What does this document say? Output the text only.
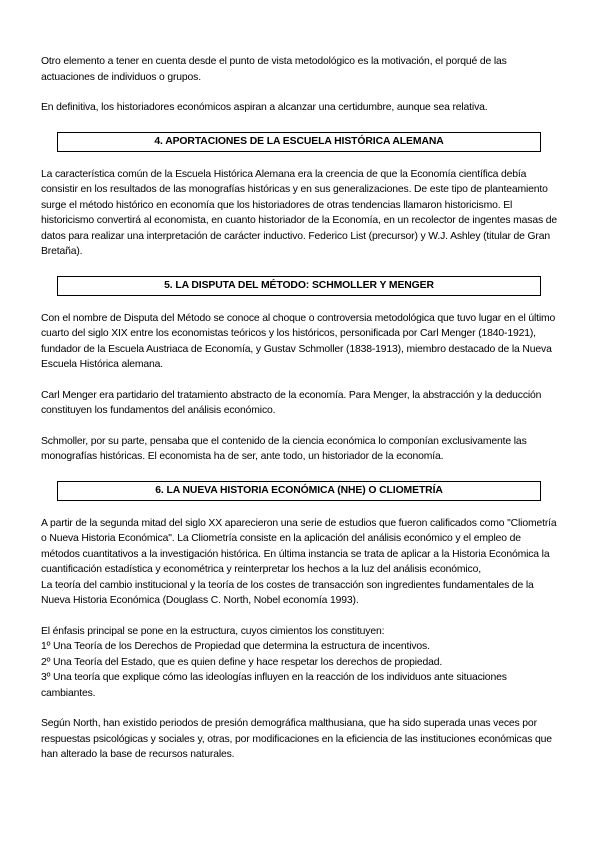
Otro elemento a tener en cuenta desde el punto de vista metodológico es la motivación, el porqué de las actuaciones de individuos o grupos.

En definitiva, los historiadores económicos aspiran a alcanzar una certidumbre, aunque sea relativa.

4. APORTACIONES DE LA ESCUELA HISTÓRICA ALEMANA

La característica común de la Escuela Histórica Alemana era la creencia de que la Economía científica debía consistir en los resultados de las monografías históricas y en sus generalizaciones. De este tipo de planteamiento surge el método histórico en economía que los historiadores de otras tendencias llamaron historicismo. El historicismo convertirá al economista, en cuanto historiador de la Economía, en un recolector de ingentes masas de datos para realizar una interpretación de carácter inductivo. Federico List (precursor) y W.J. Ashley (titular de Gran Bretaña).

5. LA DISPUTA DEL MÉTODO: SCHMOLLER Y MENGER

Con el nombre de Disputa del Método se conoce al choque o controversia metodológica que tuvo lugar en el último cuarto del siglo XIX entre los economistas teóricos y los históricos, personificada por Carl Menger (1840-1921), fundador de la Escuela Austriaca de Economía, y Gustav Schmoller (1838-1913), miembro destacado de la Nueva Escuela Histórica alemana.

Carl Menger era partidario del tratamiento abstracto de la economía. Para Menger, la abstracción y la deducción constituyen los fundamentos del análisis económico.

Schmoller, por su parte, pensaba que el contenido de la ciencia económica lo componían exclusivamente las monografías históricas. El economista ha de ser, ante todo, un historiador de la economía.

6. LA NUEVA HISTORIA ECONÓMICA (NHE) O CLIOMETRÍA

A partir de la segunda mitad del siglo XX aparecieron una serie de estudios que fueron calificados como "Cliometría o Nueva Historia Económica". La Cliometría consiste en la aplicación del análisis económico y el empleo de métodos cuantitativos a la investigación histórica. En última instancia se trata de aplicar a la Historia Económica la cuantificación estadística y econométrica y reinterpretar los hechos a la luz del análisis económico,

La teoría del cambio institucional y la teoría de los costes de transacción son ingredientes fundamentales de la Nueva Historia Económica (Douglass C. North, Nobel economía 1993).

El énfasis principal se pone en la estructura, cuyos cimientos los constituyen:
1º Una Teoría de los Derechos de Propiedad que determina la estructura de incentivos.
2º Una Teoría del Estado, que es quien define y hace respetar los derechos de propiedad.
3º Una teoría que explique cómo las ideologías influyen en la reacción de los individuos ante situaciones cambiantes.

Según North, han existido periodos de presión demográfica malthusiana, que ha sido superada unas veces por respuestas psicológicas y sociales y, otras, por modificaciones en la eficiencia de las instituciones económicas que han alterado la base de recursos naturales.
